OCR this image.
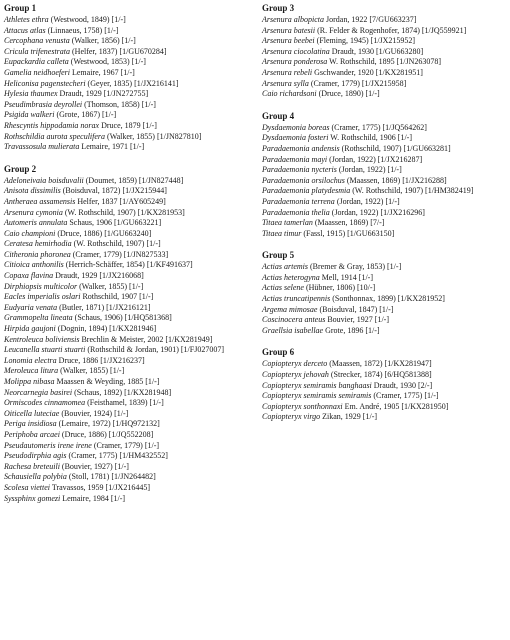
Group 1
Athletes ethra (Westwood, 1849) [1/-]
Attacus atlas (Linnaeus, 1758) [1/-]
Cercophana venusta (Walker, 1856) [1/-]
Cricula trifenestrata (Helfer, 1837) [1/GU670284]
Eupackardia calleta (Westwood, 1853) [1/-]
Gamelia neidhoeferi Lemaire, 1967 [1/-]
Heliconisa pagenstecheri (Geyer, 1835) [1/JX216141]
Hylesia thaumex Draudt, 1929 [1/JN272755]
Pseudimbrasia deyrollei (Thomson, 1858) [1/-]
Psigida walkeri (Grote, 1867) [1/-]
Rhescyntis hippodamia norax Druce, 1879 [1/-]
Rothschildia aurota speculifera (Walker, 1855) [1/JN827810]
Travassosula mulierata Lemaire, 1971 [1/-]
Group 2
Adeloneivaia boisduvalii (Doumet, 1859) [1/JN827448]
Anisota dissimilis (Boisduval, 1872) [1/JX215944]
Antheraea assamensis Helfer, 1837 [1/AY605249]
Arsenura cymonia (W. Rothschild, 1907) [1/KX281953]
Automeris annulata Schaus, 1906 [1/GU663221]
Caio championi (Druce, 1886) [1/GU663240]
Ceratesa hemirhodia (W. Rothschild, 1907) [1/-]
Citheronia phoronea (Cramer, 1779) [1/JN827533]
Citioica anthonilis (Herrich-Schäffer, 1854) [1/KF491637]
Copaxa flavina Draudt, 1929 [1/JX216068]
Dirphiopsis multicolor (Walker, 1855) [1/-]
Eacles imperialis oslari Rothschild, 1907 [1/-]
Eudyaria venata (Butler, 1871) [1/JX216121]
Grammopelta lineata (Schaus, 1906) [1/HQ581368]
Hirpida gaujoni (Dognin, 1894) [1/KX281946]
Kentroleuca boliviensis Brechlin & Meister, 2002 [1/KX281949]
Leucanella stuarti stuarti (Rothschild & Jordan, 1901) [1/FJ027007]
Lonomia electra Druce, 1886 [1/JX216237]
Meroleuca litura (Walker, 1855) [1/-]
Molippa nibasa Maassen & Weyding, 1885 [1/-]
Neorcarnegia basirei (Schaus, 1892) [1/KX281948]
Ormiscodes cinnamomea (Feisthamel, 1839) [1/-]
Oiticella luteciae (Bouvier, 1924) [1/-]
Periga insidiosa (Lemaire, 1972) [1/HQ972132]
Periphoba arcaei (Druce, 1886) [1/JQ552208]
Pseudautomeris irene irene (Cramer, 1779) [1/-]
Pseudodirphia agis (Cramer, 1775) [1/HM432552]
Rachesa breteuili (Bouvier, 1927) [1/-]
Schausiella polybia (Stoll, 1781) [1/JN264482]
Scolesa viettei Travassos, 1959 [1/JX216445]
Syssphinx gomezi Lemaire, 1984 [1/-]
Group 3
Arsenura albopicta Jordan, 1922 [7/GU663237]
Arsenura batesii (R. Felder & Rogenhofer, 1874) [1/JQ559921]
Arsenura beebei (Fleming, 1945) [1/JX215952]
Arsenura ciocolatina Draudt, 1930 [1/GU663280]
Arsenura ponderosa W. Rothschild, 1895 [1/JN263078]
Arsenura rebeli Gschwander, 1920 [1/KX281951]
Arsenura sylla (Cramer, 1779) [1/JX215958]
Caio richardsoni (Druce, 1890) [1/-]
Group 4
Dysdaemonia boreas (Cramer, 1775) [1/JQ564262]
Dysdaemonia fosteri W. Rothschild, 1906 [1/-]
Paradaemonia andensis (Rothschild, 1907) [1/GU663281]
Paradaemonia mayi (Jordan, 1922) [1/JX216287]
Paradaemonia nycteris (Jordan, 1922) [1/-]
Paradaemonia orsilochus (Maassen, 1869) [1/JX216288]
Paradaemonia platydesmia (W. Rothschild, 1907) [1/HM382419]
Paradaemonia terrena (Jordan, 1922) [1/-]
Paradaemonia thelia (Jordan, 1922) [1/JX216296]
Titaea tamerlan (Maassen, 1869) [7/-]
Titaea timur (Fassl, 1915) [1/GU663150]
Group 5
Actias artemis (Bremer & Gray, 1853) [1/-]
Actias heterogyna Mell, 1914 [1/-]
Actias selene (Hübner, 1806) [10/-]
Actias truncatipennis (Sonthonnax, 1899) [1/KX281952]
Argema mimosae (Boisduval, 1847) [1/-]
Coscinocera anteus Bouvier, 1927 [1/-]
Graellsia isabellae Grote, 1896 [1/-]
Group 6
Copiopteryx derceto (Maassen, 1872) [1/KX281947]
Copiopteryx jehovah (Strecker, 1874) [6/HQ581388]
Copiopteryx semiramis banghaasi Draudt, 1930 [2/-]
Copiopteryx semiramis semiramis (Cramer, 1775) [1/-]
Copiopteryx sonthonnaxi Em. André, 1905 [1/KX281950]
Copiopteryx virgo Zikan, 1929 [1/-]
